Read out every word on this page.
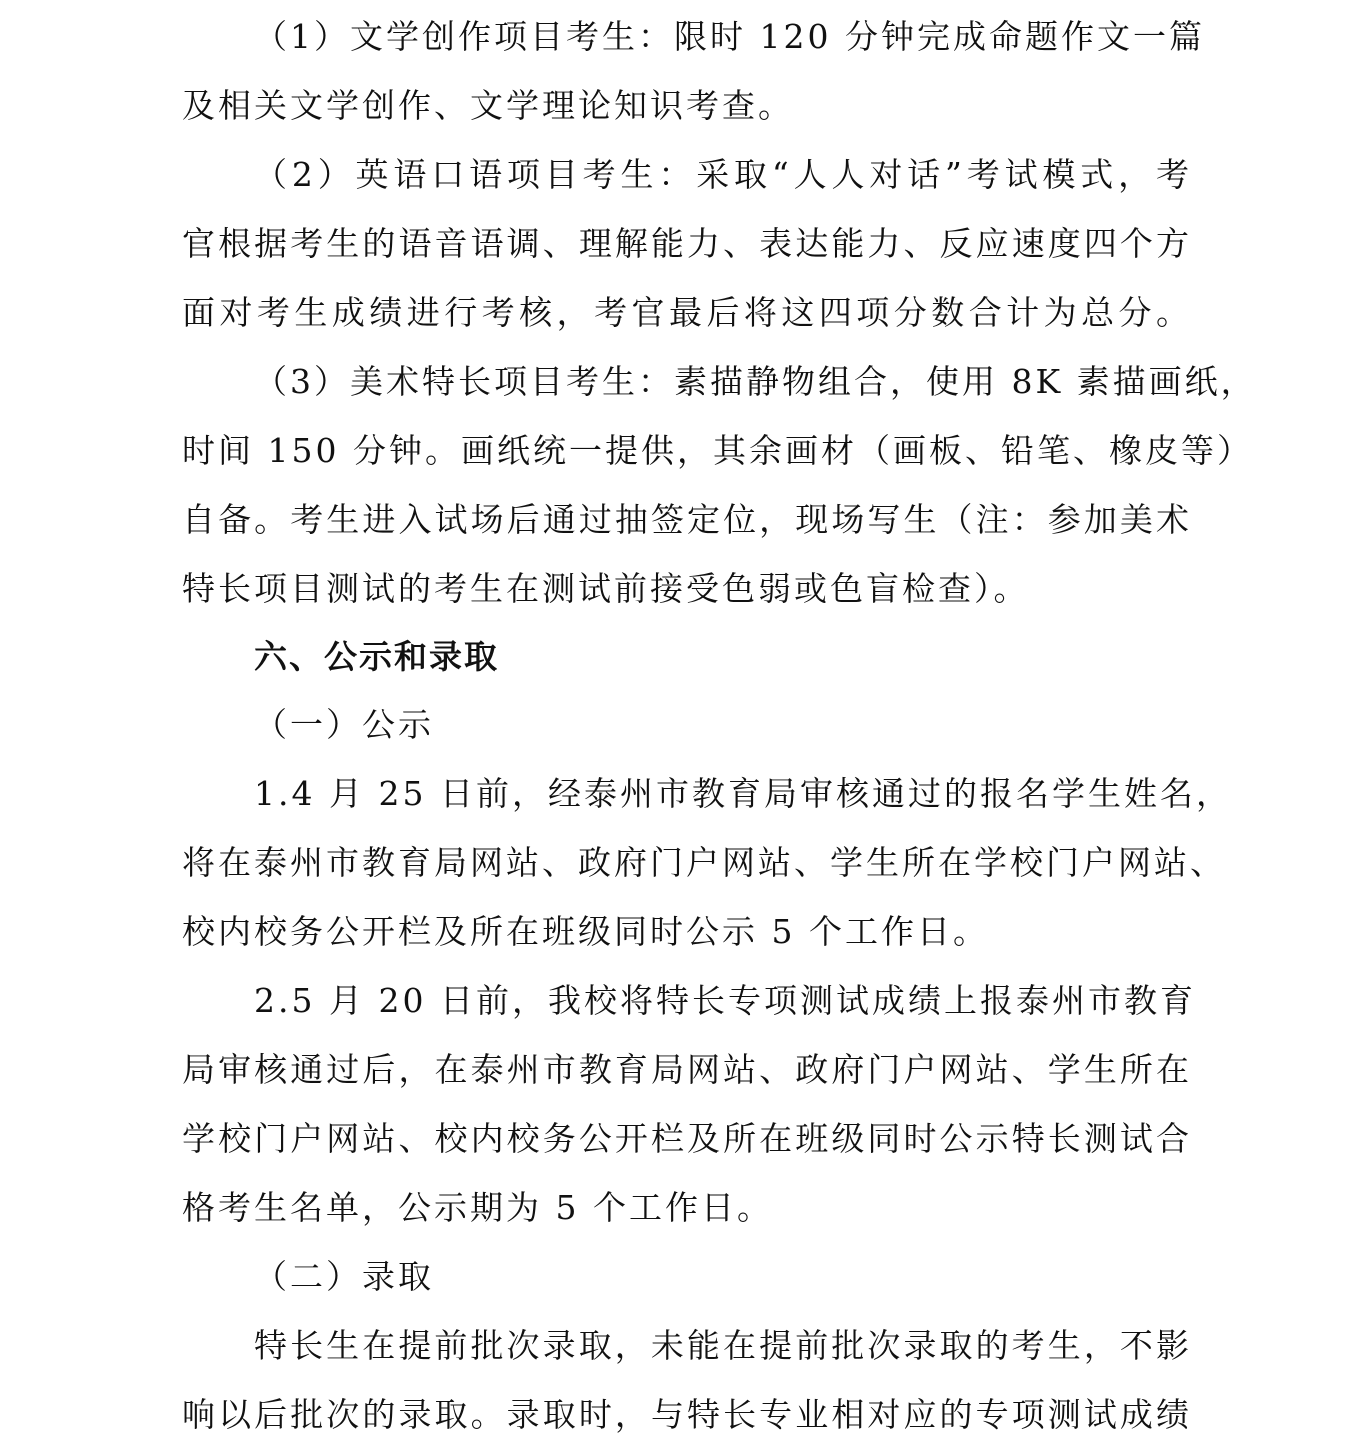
（1）文学创作项目考生：限时 120 分钟完成命题作文一篇
及相关文学创作、文学理论知识考查。
（2）英语口语项目考生：采取“人人对话”考试模式，考
官根据考生的语音语调、理解能力、表达能力、反应速度四个方
面对考生成绩进行考核，考官最后将这四项分数合计为总分。
（3）美术特长项目考生：素描静物组合，使用 8K 素描画纸，
时间 150 分钟。画纸统一提供，其余画材（画板、铅笔、橡皮等）
自备。考生进入试场后通过抽签定位，现场写生（注：参加美术
特长项目测试的考生在测试前接受色弱或色盲检查）。
六、公示和录取
（一）公示
1.4 月 25 日前，经泰州市教育局审核通过的报名学生姓名，
将在泰州市教育局网站、政府门户网站、学生所在学校门户网站、
校内校务公开栏及所在班级同时公示 5 个工作日。
2.5 月 20 日前，我校将特长专项测试成绩上报泰州市教育
局审核通过后，在泰州市教育局网站、政府门户网站、学生所在
学校门户网站、校内校务公开栏及所在班级同时公示特长测试合
格考生名单，公示期为 5 个工作日。
（二）录取
特长生在提前批次录取，未能在提前批次录取的考生，不影
响以后批次的录取。录取时，与特长专业相对应的专项测试成绩
